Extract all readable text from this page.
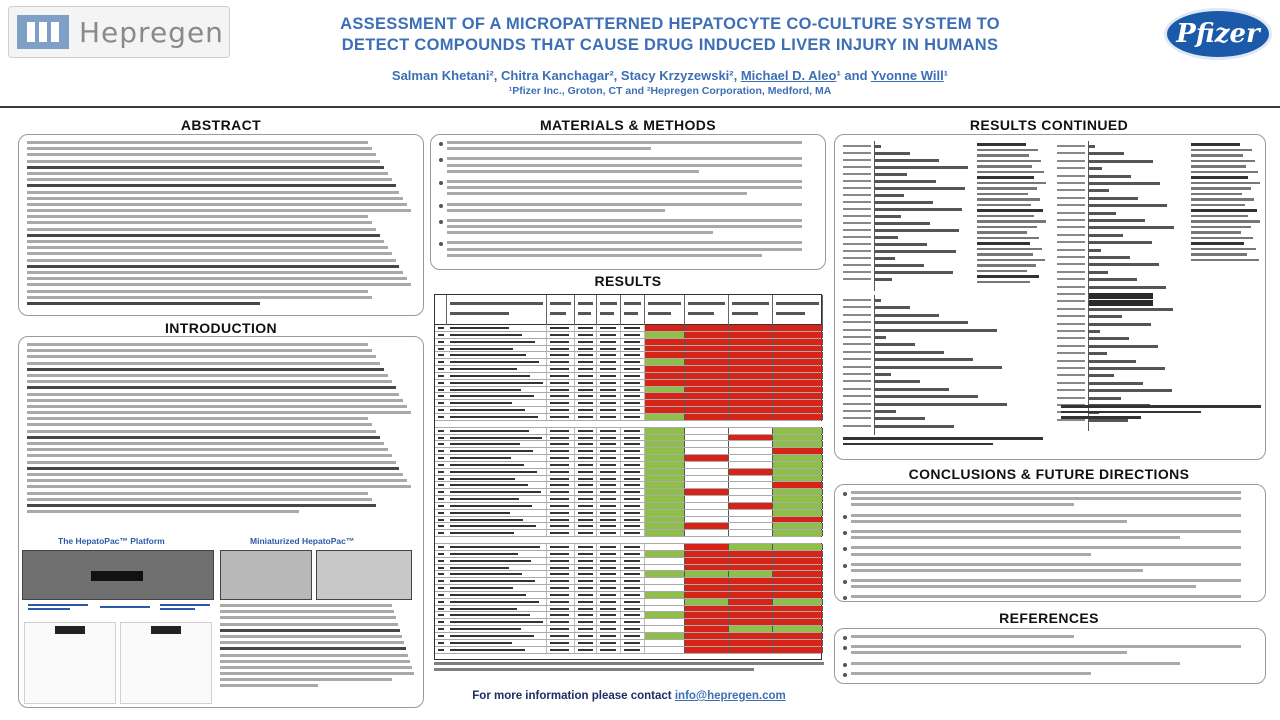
Hepregen	ASSESSMENT OF A MICROPATTERNED HEPATOCYTE CO-CULTURE SYSTEM TO
DETECT COMPOUNDS THAT CAUSE DRUG INDUCED LIVER INJURY IN HUMANS
Salman Khetani², Chitra Kanchagar², Stacy Krzyzewski², Michael D. Aleo¹ and Yvonne Will¹
¹Pfizer Inc., Groton, CT and ²Hepregen Corporation, Medford, MA
Pfizer
ABSTRACT
INTRODUCTION
The HepatoPac™ Platform	Miniaturized HepatoPac™
MATERIALS & METHODS
RESULTS
For more information please contact info@hepregen.com
RESULTS CONTINUED
CONCLUSIONS & FUTURE DIRECTIONS
REFERENCES
